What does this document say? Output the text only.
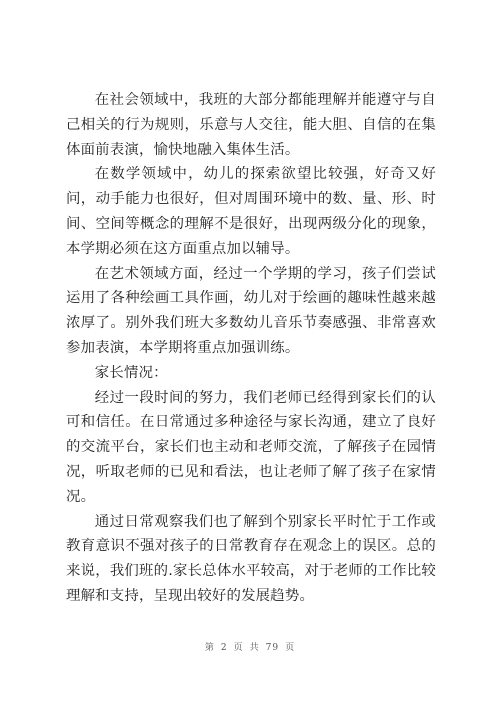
在社会领域中，我班的大部分都能理解并能遵守与自己相关的行为规则，乐意与人交往，能大胆、自信的在集体面前表演，愉快地融入集体生活。

在数学领域中，幼儿的探索欲望比较强，好奇又好问，动手能力也很好，但对周围环境中的数、量、形、时间、空间等概念的理解不是很好，出现两级分化的现象，本学期必须在这方面重点加以辅导。

在艺术领域方面，经过一个学期的学习，孩子们尝试运用了各种绘画工具作画，幼儿对于绘画的趣味性越来越浓厚了。别外我们班大多数幼儿音乐节奏感强、非常喜欢参加表演，本学期将重点加强训练。

家长情况：

经过一段时间的努力，我们老师已经得到家长们的认可和信任。在日常通过多种途径与家长沟通，建立了良好的交流平台，家长们也主动和老师交流，了解孩子在园情况，听取老师的已见和看法，也让老师了解了孩子在家情况。

通过日常观察我们也了解到个别家长平时忙于工作或教育意识不强对孩子的日常教育存在观念上的误区。总的来说，我们班的.家长总体水平较高，对于老师的工作比较理解和支持，呈现出较好的发展趋势。

第 2 页 共 79 页
